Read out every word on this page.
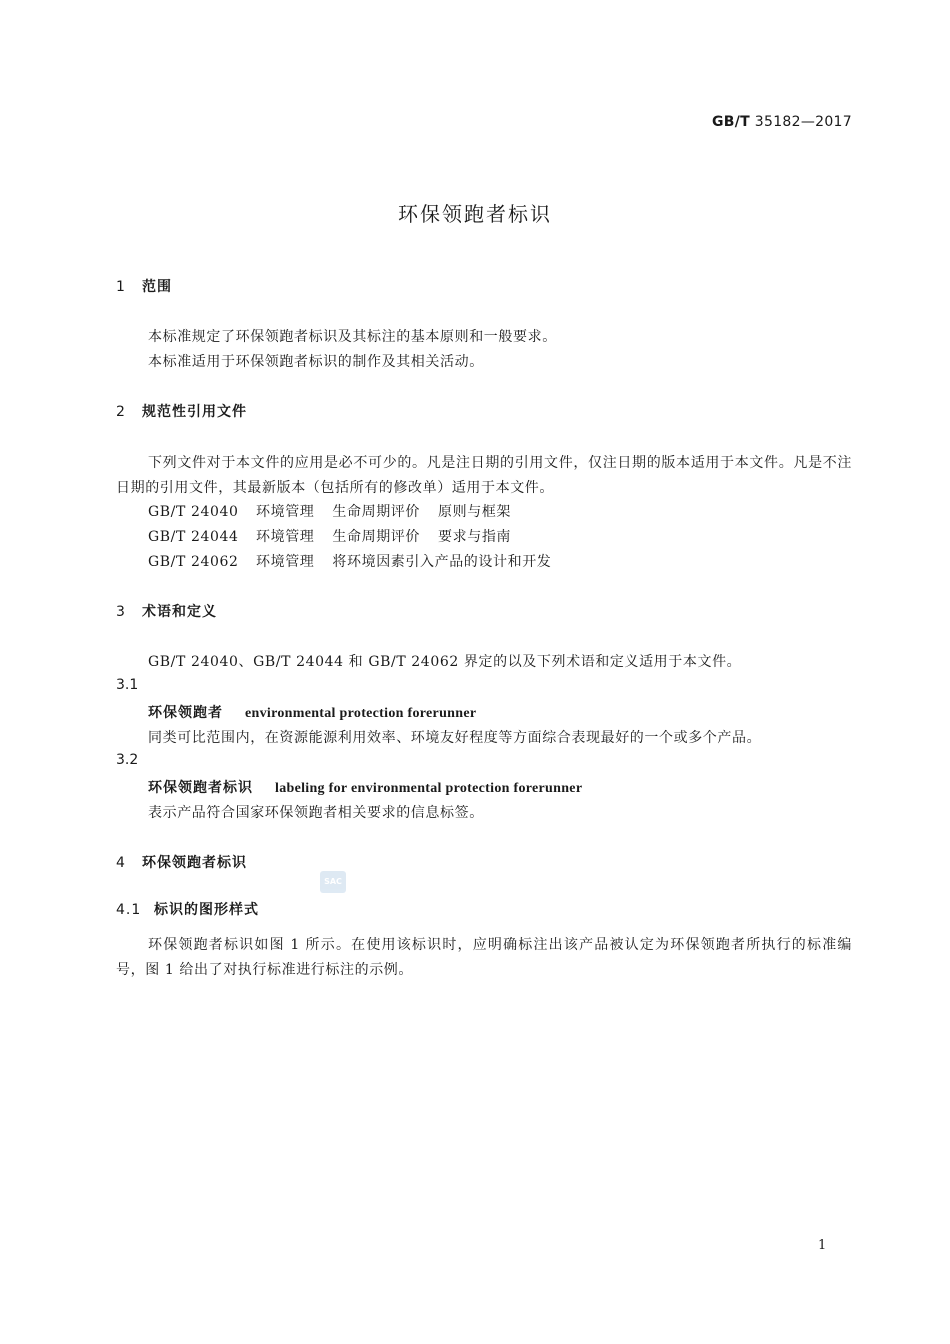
GB/T 35182—2017
环保领跑者标识
1 范围
本标准规定了环保领跑者标识及其标注的基本原则和一般要求。
本标准适用于环保领跑者标识的制作及其相关活动。
2 规范性引用文件
下列文件对于本文件的应用是必不可少的。凡是注日期的引用文件，仅注日期的版本适用于本文件。凡是不注日期的引用文件，其最新版本（包括所有的修改单）适用于本文件。
GB/T 24040 环境管理 生命周期评价 原则与框架
GB/T 24044 环境管理 生命周期评价 要求与指南
GB/T 24062 环境管理 将环境因素引入产品的设计和开发
3 术语和定义
GB/T 24040、GB/T 24044 和 GB/T 24062 界定的以及下列术语和定义适用于本文件。
3.1
环保领跑者 environmental protection forerunner
同类可比范围内，在资源能源利用效率、环境友好程度等方面综合表现最好的一个或多个产品。
3.2
环保领跑者标识 labeling for environmental protection forerunner
表示产品符合国家环保领跑者相关要求的信息标签。
4 环保领跑者标识
SAC
4.1 标识的图形样式
环保领跑者标识如图 1 所示。在使用该标识时，应明确标注出该产品被认定为环保领跑者所执行的标准编号，图 1 给出了对执行标准进行标注的示例。
1
